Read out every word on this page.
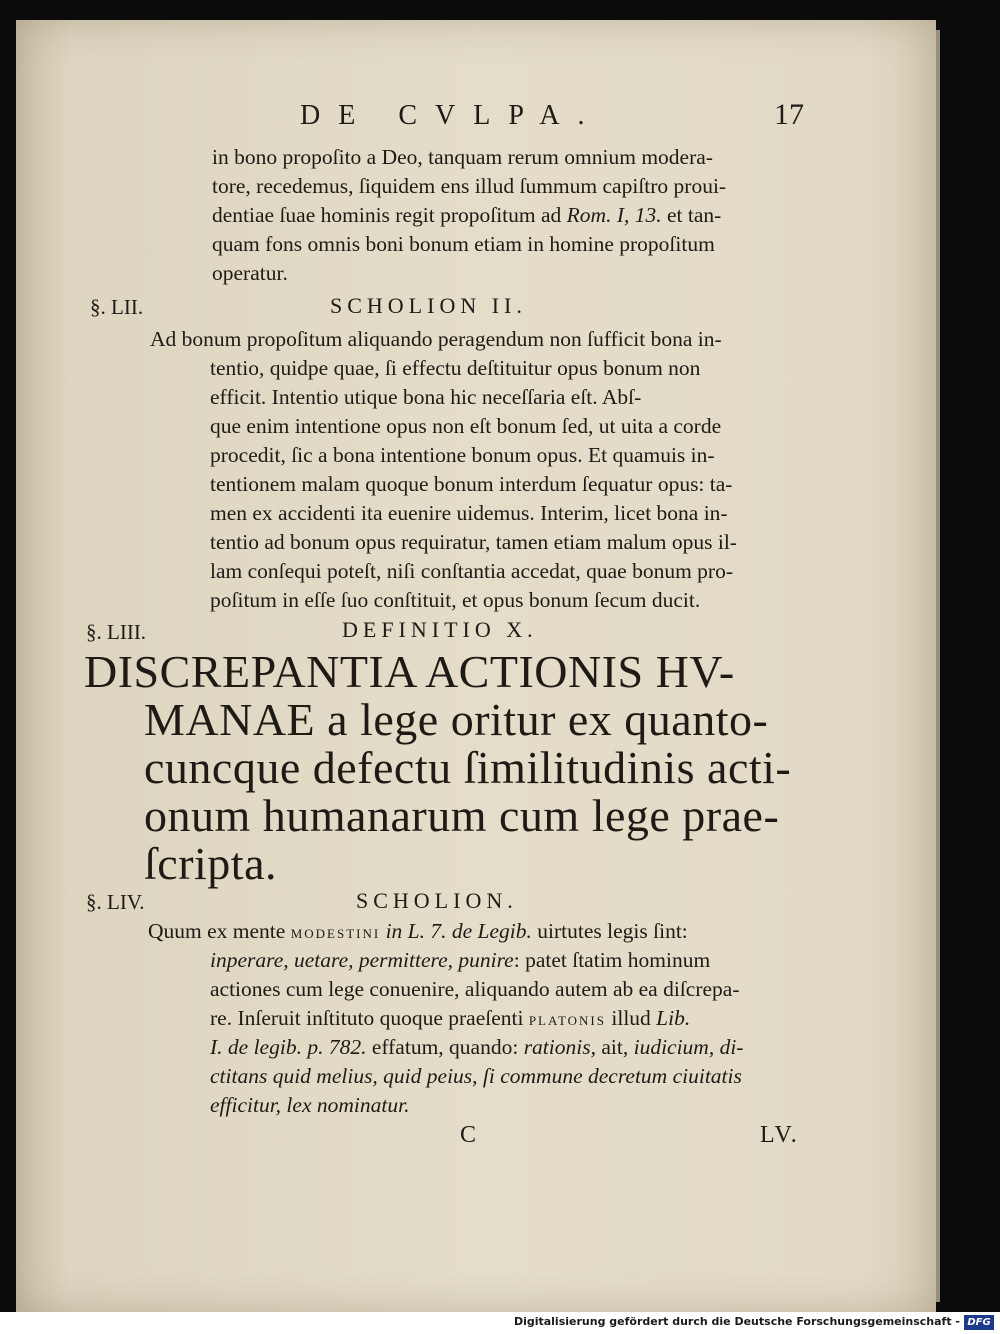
DE CVLPA.	17
in bono propoſito a Deo, tanquam rerum omnium modera-
tore, recedemus, ſiquidem ens illud ſummum capiſtro proui-
dentiae ſuae hominis regit propoſitum ad Rom. I, 13. et tan-
quam fons omnis boni bonum etiam in homine propoſitum
operatur.
§. LII.	SCHOLION II.
Ad bonum propoſitum aliquando peragendum non ſufficit bona in-
tentio, quidpe quae, ſi effectu deſtituitur opus bonum non
efficit. Intentio utique bona hic neceſſaria eſt. Abſ-
que enim intentione opus non eſt bonum ſed, ut uita a corde
procedit, ſic a bona intentione bonum opus. Et quamuis in-
tentionem malam quoque bonum interdum ſequatur opus: ta-
men ex accidenti ita euenire uidemus. Interim, licet bona in-
tentio ad bonum opus requiratur, tamen etiam malum opus il-
lam conſequi poteſt, niſi conſtantia accedat, quae bonum pro-
poſitum in eſſe ſuo conſtituit, et opus bonum ſecum ducit.
§. LIII.	DEFINITIO X.
DISCREPANTIA ACTIONIS HV-
MANAE a lege oritur ex quanto-
cuncque defectu ſimilitudinis acti-
onum humanarum cum lege prae-
ſcripta.
§. LIV.	SCHOLION.
Quum ex mente modestini in L. 7. de Legib. uirtutes legis ſint:
inperare, uetare, permittere, punire: patet ſtatim hominum
actiones cum lege conuenire, aliquando autem ab ea diſcrepa-
re. Inſeruit inſtituto quoque praeſenti platonis illud Lib.
I. de legib. p. 782. effatum, quando: rationis, ait, iudicium, di-
ctitans quid melius, quid peius, ſi commune decretum ciuitatis
efficitur, lex nominatur.
C	LV.
Digitalisierung gefördert durch die Deutsche Forschungsgemeinschaft - DFG
